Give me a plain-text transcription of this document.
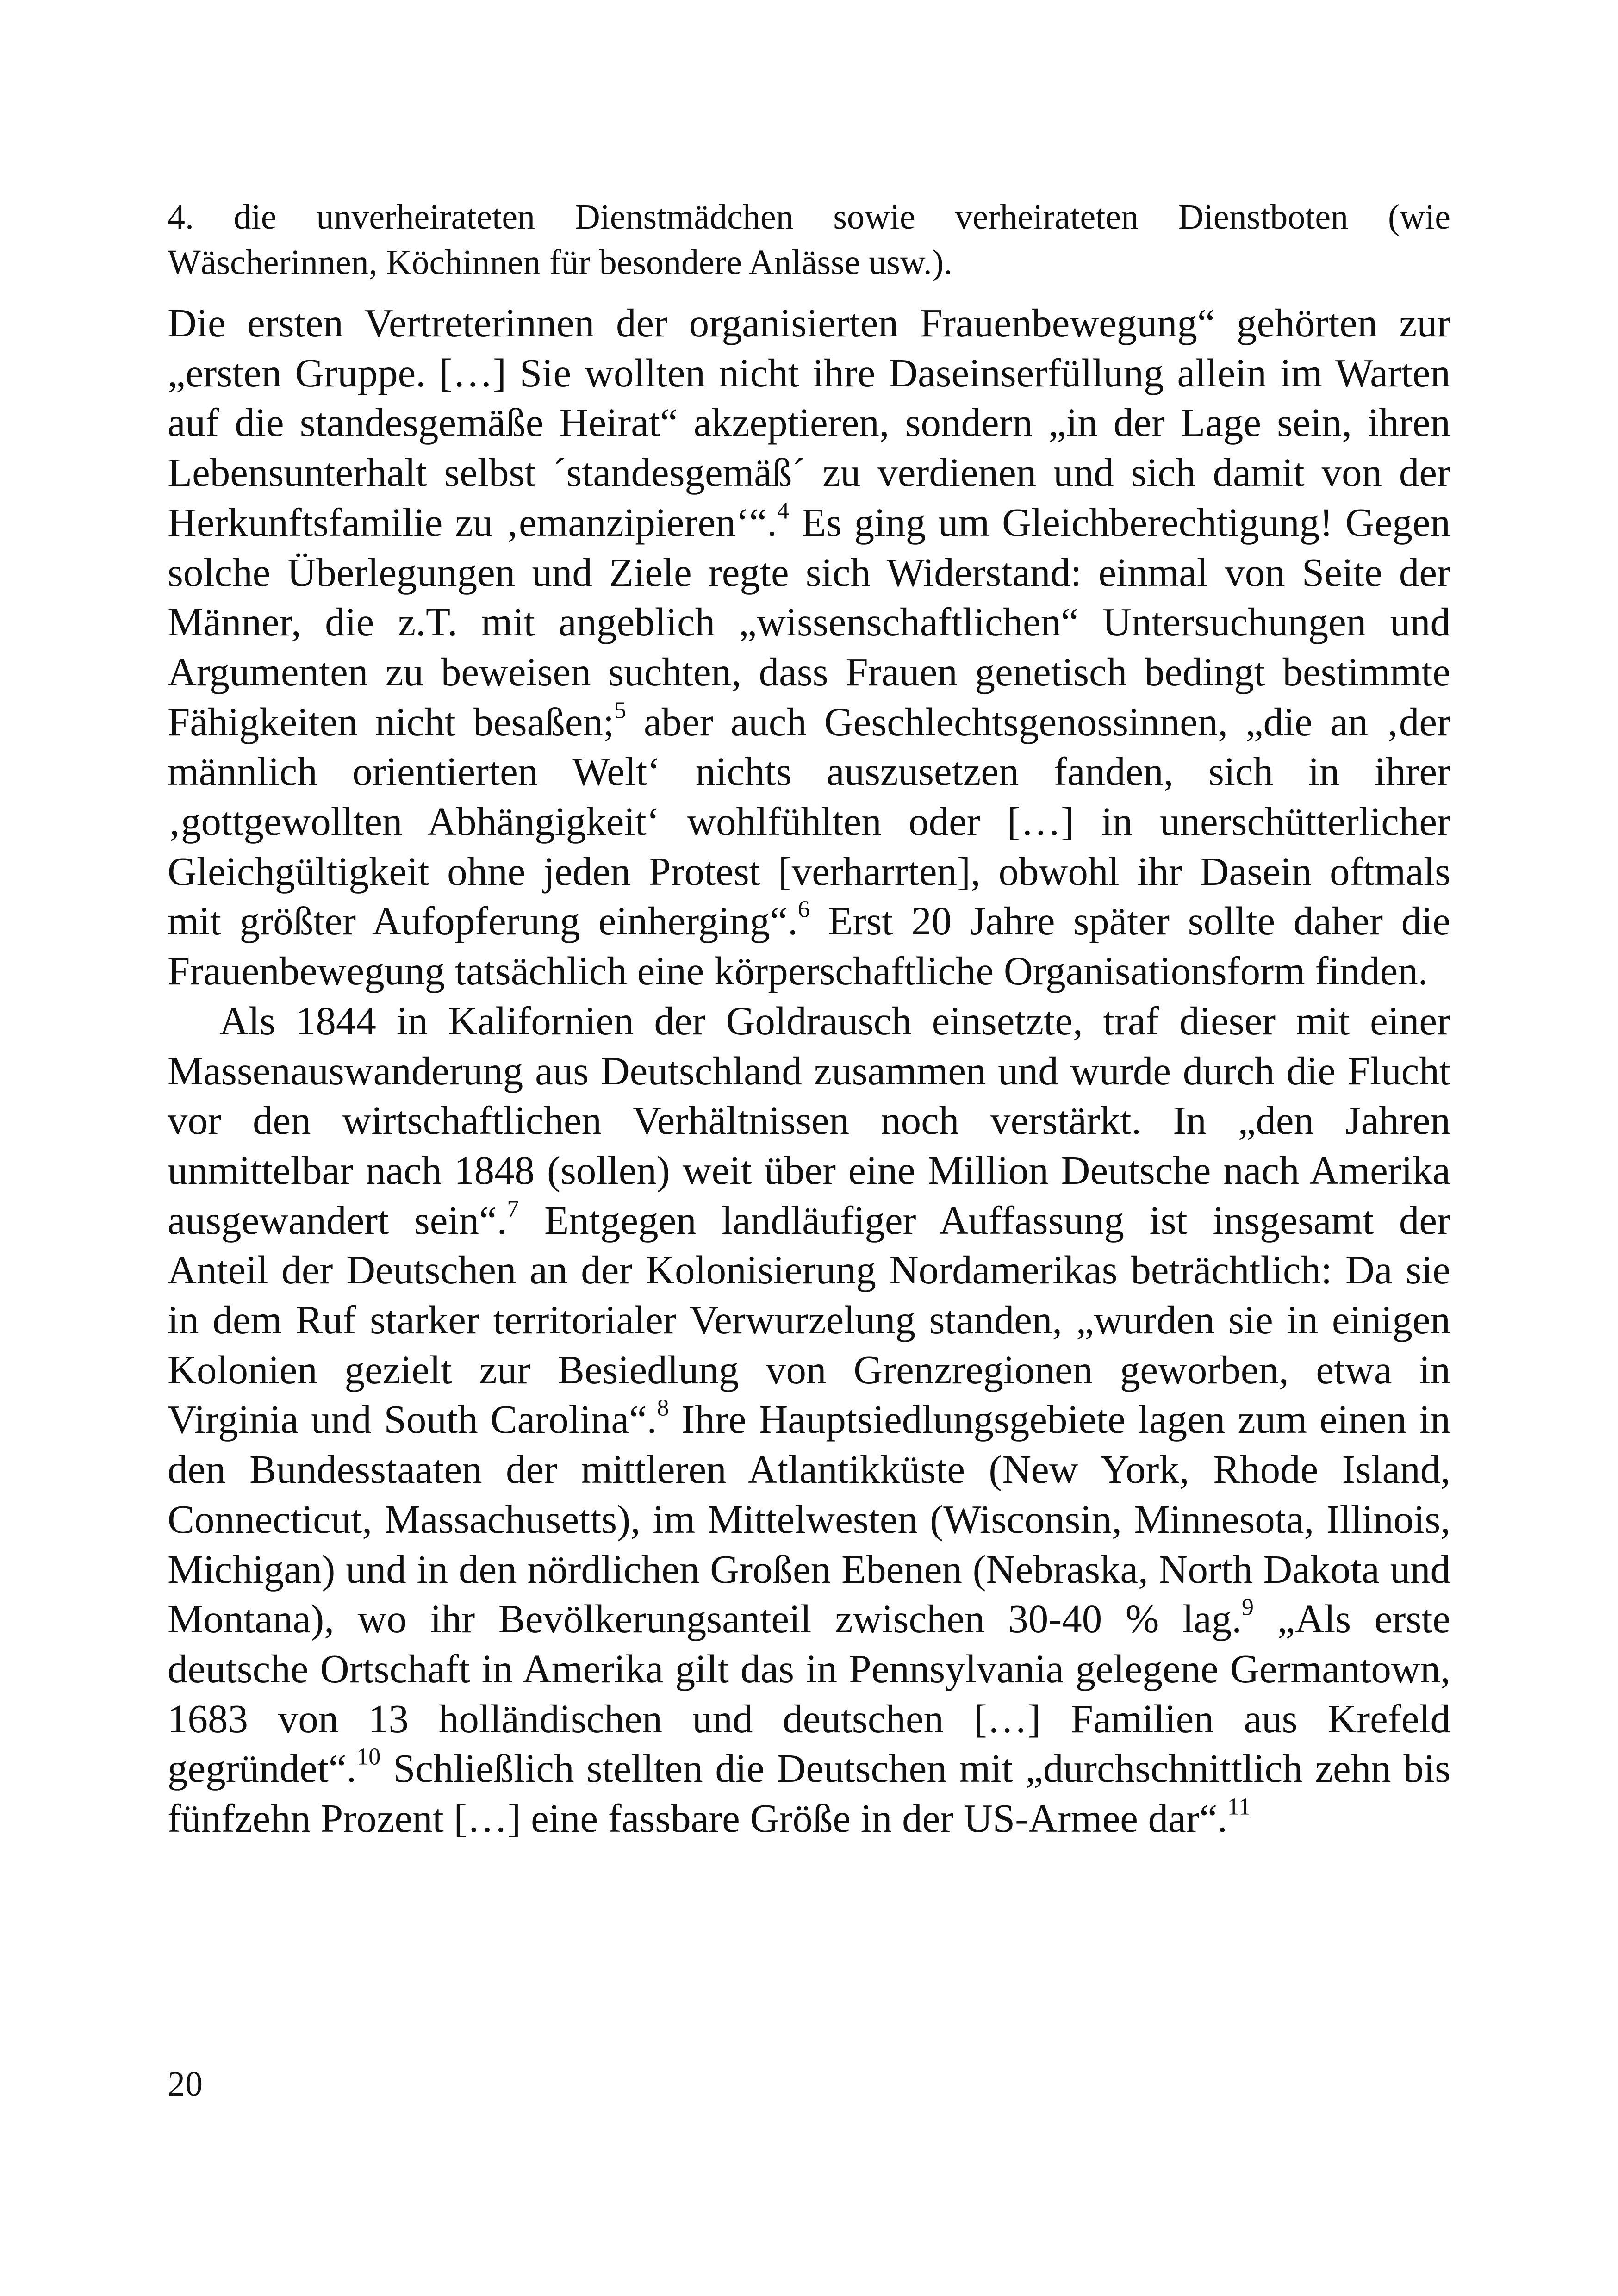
4. die unverheirateten Dienstmädchen sowie verheirateten Dienstboten (wie Wäscherinnen, Köchinnen für besondere Anlässe usw.).

Die ersten Vertreterinnen der organisierten Frauenbewegung“ gehörten zur „ersten Gruppe. […] Sie wollten nicht ihre Daseinserfüllung allein im Warten auf die standesgemäße Heirat“ akzeptieren, sondern „in der Lage sein, ihren Lebensunterhalt selbst ´standesgemäß´ zu verdienen und sich damit von der Herkunftsfamilie zu ‚emanzipieren‘“.$^4$ Es ging um Gleichberechtigung! Gegen solche Überlegungen und Ziele regte sich Widerstand: einmal von Seite der Männer, die z.T. mit angeblich „wissenschaftlichen“ Untersuchungen und Argumenten zu beweisen suchten, dass Frauen genetisch bedingt bestimmte Fähigkeiten nicht besaßen;$^5$ aber auch Geschlechtsgenossinnen, „die an ‚der männlich orientierten Welt‘ nichts auszusetzen fanden, sich in ihrer ‚gottgewollten Abhängigkeit‘ wohlfühlten oder […] in unerschütterlicher Gleichgültigkeit ohne jeden Protest [verharrten], obwohl ihr Dasein oftmals mit größter Aufopferung einherging“.$^6$ Erst 20 Jahre später sollte daher die Frauenbewegung tatsächlich eine körperschaftliche Organisationsform finden.

Als 1844 in Kalifornien der Goldrausch einsetzte, traf dieser mit einer Massenauswanderung aus Deutschland zusammen und wurde durch die Flucht vor den wirtschaftlichen Verhältnissen noch verstärkt. In „den Jahren unmittelbar nach 1848 (sollen) weit über eine Million Deutsche nach Amerika ausgewandert sein“.$^7$ Entgegen landläufiger Auffassung ist insgesamt der Anteil der Deutschen an der Kolonisierung Nordamerikas beträchtlich: Da sie in dem Ruf starker territorialer Verwurzelung standen, „wurden sie in einigen Kolonien gezielt zur Besiedlung von Grenzregionen geworben, etwa in Virginia und South Carolina“.$^8$ Ihre Hauptsiedlungsgebiete lagen zum einen in den Bundesstaaten der mittleren Atlantikküste (New York, Rhode Island, Connecticut, Massachusetts), im Mittelwesten (Wisconsin, Minnesota, Illinois, Michigan) und in den nördlichen Großen Ebenen (Nebraska, North Dakota und Montana), wo ihr Bevölkerungsanteil zwischen 30-40 % lag.$^9$ „Als erste deutsche Ortschaft in Amerika gilt das in Pennsylvania gelegene Germantown, 1683 von 13 holländischen und deutschen […] Familien aus Krefeld gegründet“.$^{10}$ Schließlich stellten die Deutschen mit „durchschnittlich zehn bis fünfzehn Prozent […] eine fassbare Größe in der US-Armee dar“.$^{11}$

20
